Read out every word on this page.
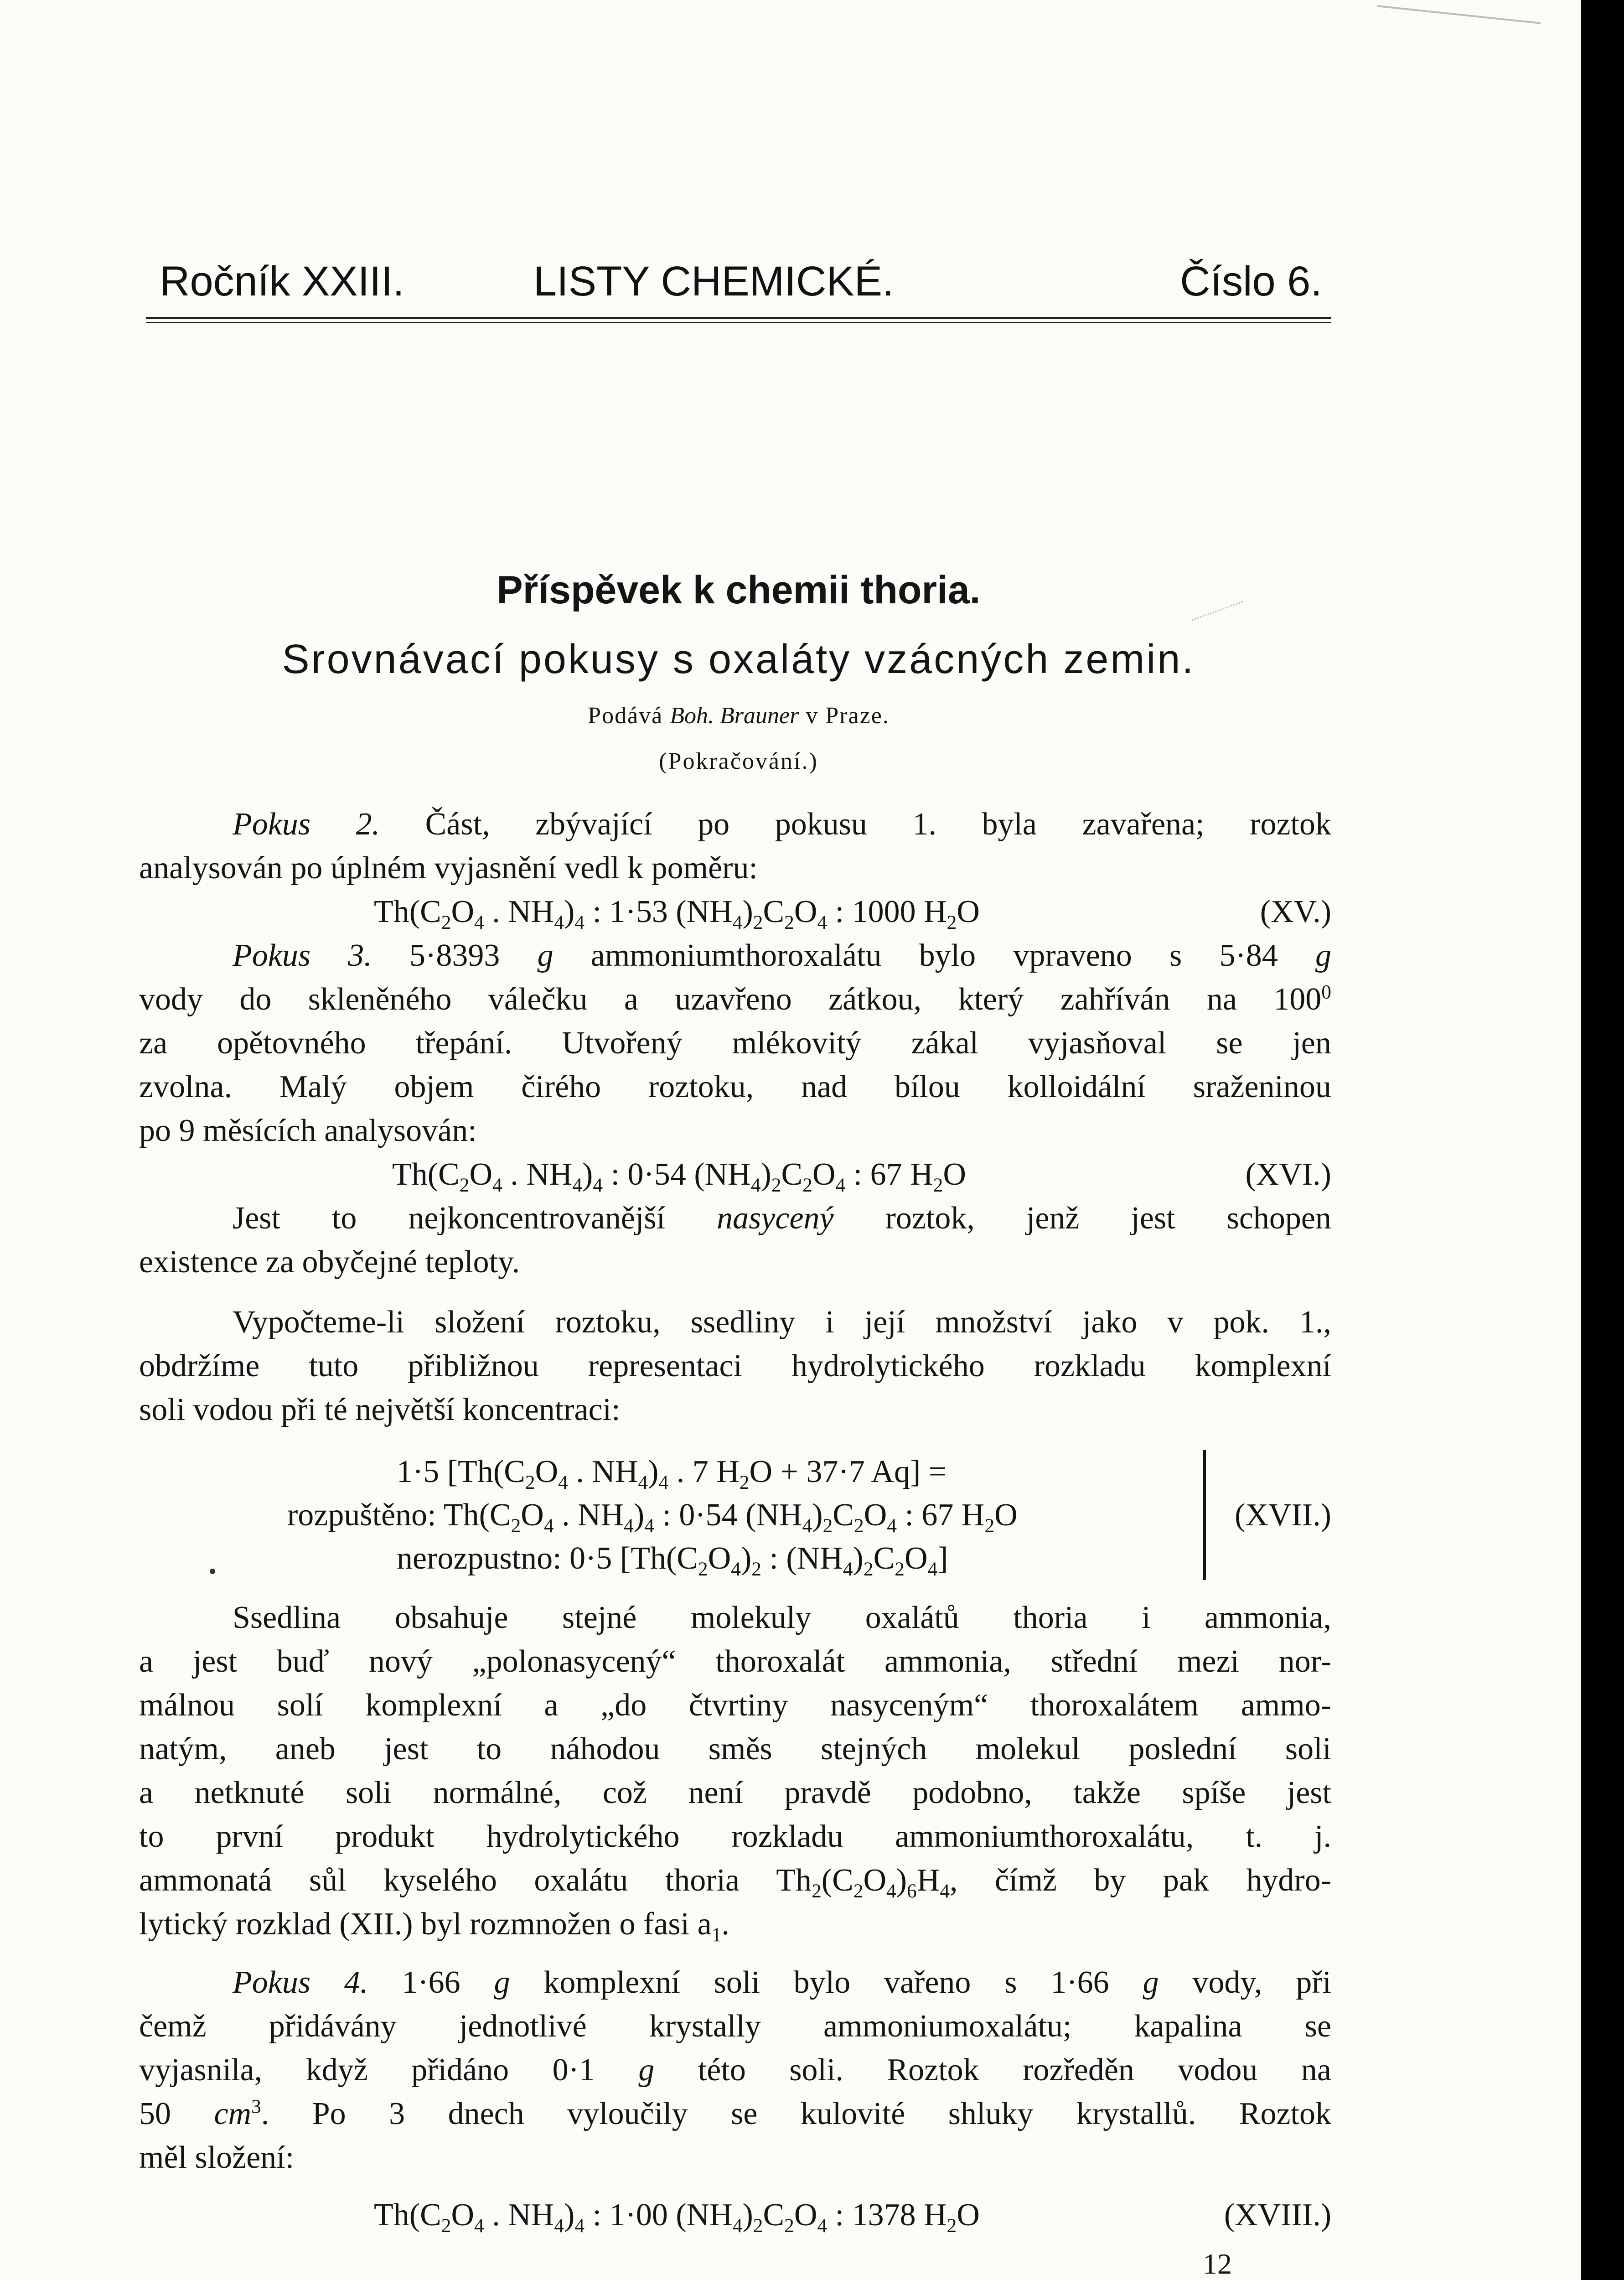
Ročník XXIII.	LISTY CHEMICKÉ.	Číslo 6.
Příspěvek k chemii thoria.
Srovnávací pokusy s oxaláty vzácných zemin.
Podává Boh. Brauner v Praze.
(Pokračování.)
Pokus 2. Část, zbývající po pokusu 1. byla zavařena; roztok
analysován po úplném vyjasnění vedl k poměru:
$Th(C_2O_4$ . $NH_4)_4$ : 1·53 $(NH_4)_2C_2O_4$ : 1000 $H_2O$	(XV.)
Pokus 3. 5·8393 g ammoniumthoroxalátu bylo vpraveno s 5·84 g
vody do skleněného válečku a uzavřeno zátkou, který zahříván na $100^0$
za opětovného třepání. Utvořený mlékovitý zákal vyjasňoval se jen
zvolna. Malý objem čirého roztoku, nad bílou kolloidální sraženinou
po 9 měsících analysován:
$Th(C_2O_4$ . $NH_4)_4$ : 0·54 $(NH_4)_2C_2O_4$ : 67 $H_2O$	(XVI.)
Jest to nejkoncentrovanější nasycený roztok, jenž jest schopen
existence za obyčejné teploty.
Vypočteme-li složení roztoku, ssedliny i její množství jako v pok. 1.,
obdržíme tuto přibližnou representaci hydrolytického rozkladu komplexní
soli vodou při té největší koncentraci:
1·5 [$Th(C_2O_4$ . $NH_4)_4$ . 7 $H_2O + 37\cdot 7$ Aq] =
rozpuštěno: $Th(C_2O_4$ . $NH_4)_4$ : 0·54 $(NH_4)_2C_2O_4$ : 67 $H_2O$
nerozpustno: 0·5 [$Th(C_2O_4)_2$ : $(NH_4)_2C_2O_4$]
(XVII.)
Ssedlina obsahuje stejné molekuly oxalátů thoria i ammonia,
a jest buď nový „polonasycený“ thoroxalát ammonia, střední mezi nor-
málnou solí komplexní a „do čtvrtiny nasyceným“ thoroxalátem ammo-
natým, aneb jest to náhodou směs stejných molekul poslední soli
a netknuté soli normálné, což není pravdě podobno, takže spíše jest
to první produkt hydrolytického rozkladu ammoniumthoroxalátu, t. j.
ammonatá sůl kyselého oxalátu thoria $Th_2(C_2O_4)_6H_4$, čímž by pak hydro-
lytický rozklad (XII.) byl rozmnožen o fasi $a_1$.
Pokus 4. 1·66 g komplexní soli bylo vařeno s 1·66 g vody, při
čemž přidávány jednotlivé krystally ammoniumoxalátu; kapalina se
vyjasnila, když přidáno 0·1 g této soli. Roztok rozředěn vodou na
50 $cm^3$. Po 3 dnech vyloučily se kulovité shluky krystallů. Roztok
měl složení:
$Th(C_2O_4$ . $NH_4)_4$ : 1·00 $(NH_4)_2C_2O_4$ : 1378 $H_2O$	(XVIII.)
12
